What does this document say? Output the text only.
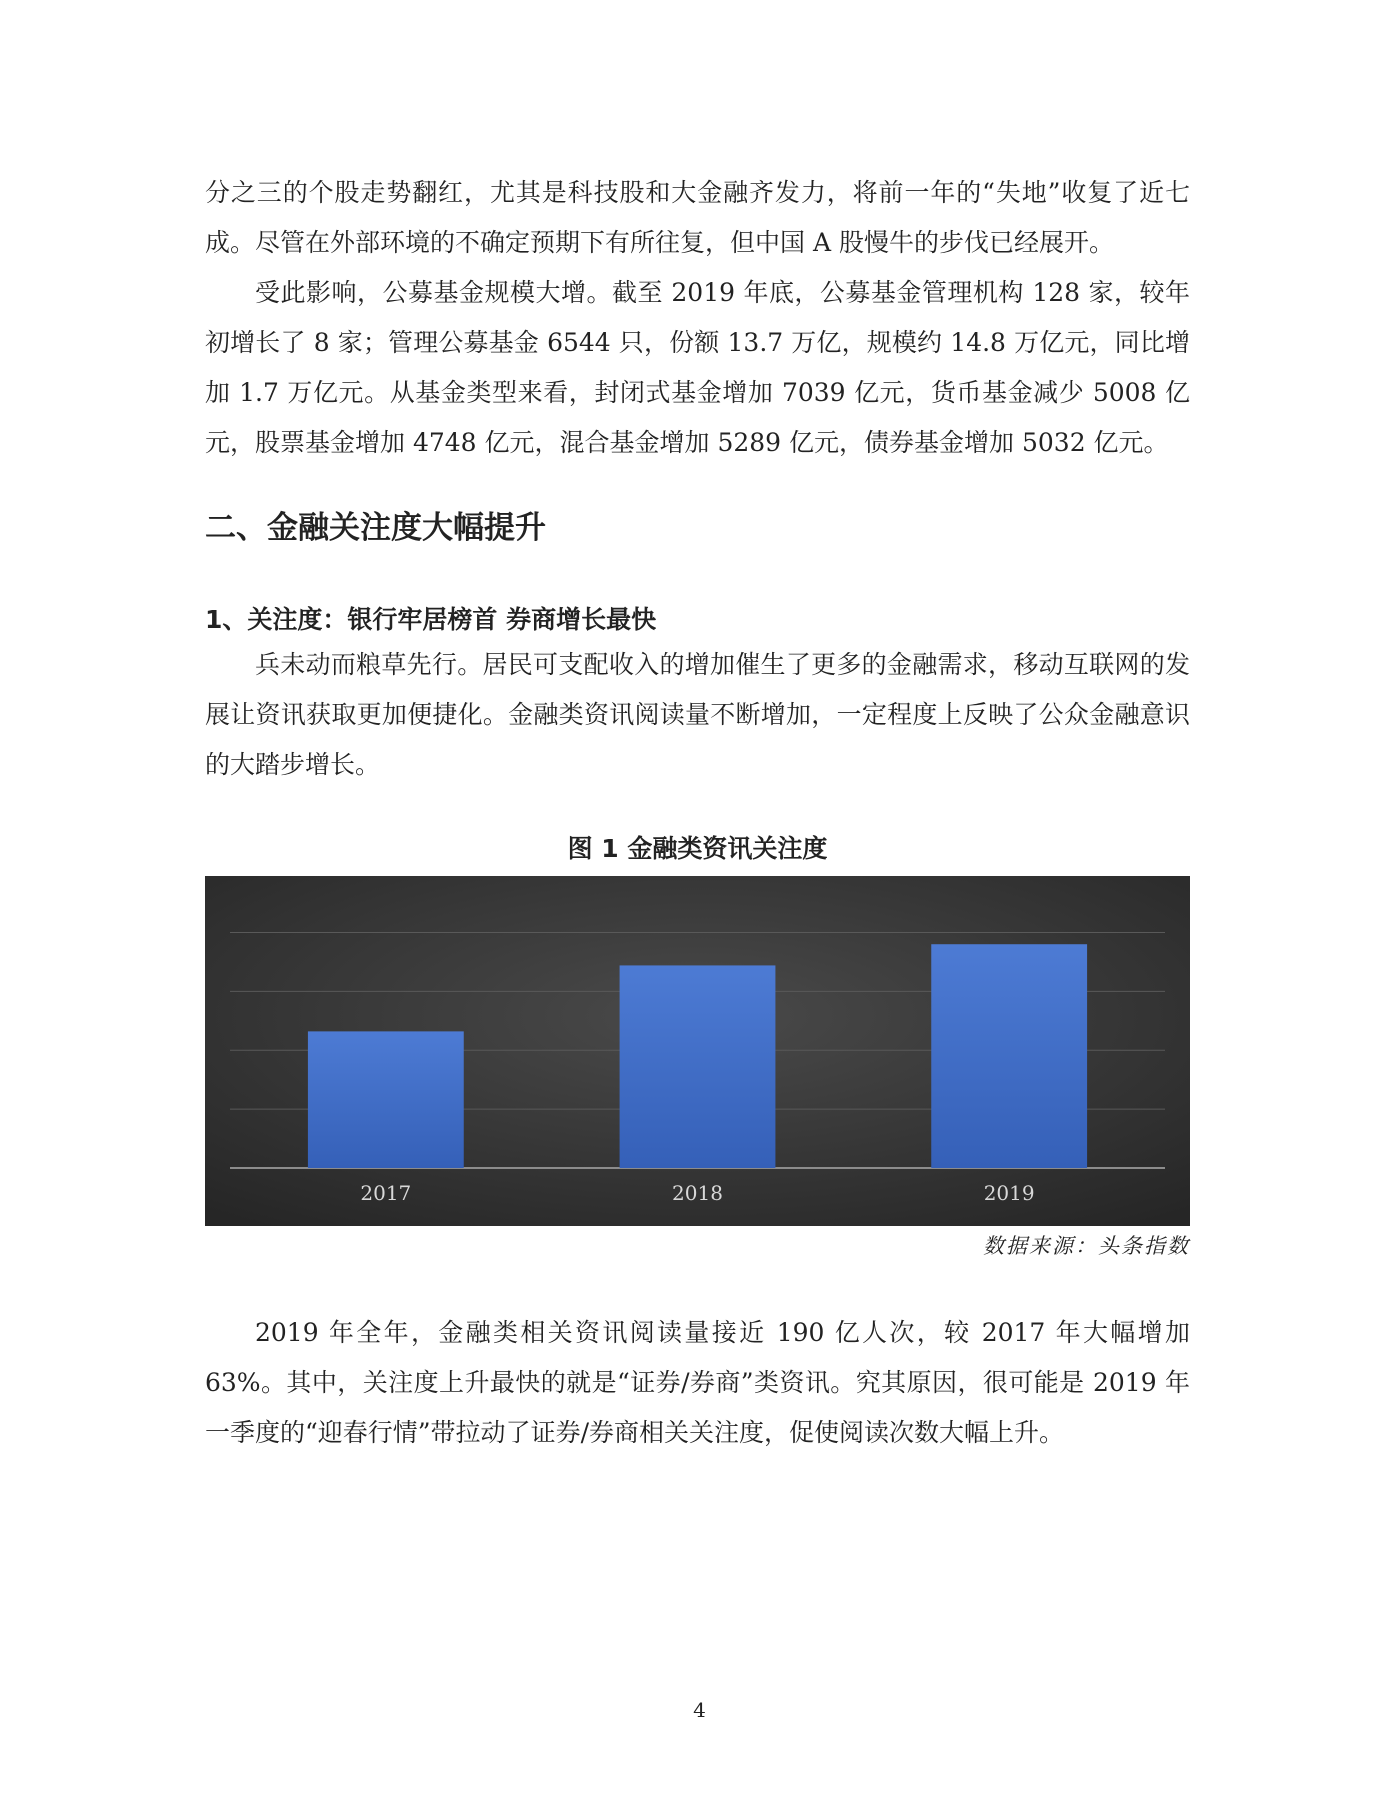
分之三的个股走势翻红，尤其是科技股和大金融齐发力，将前一年的“失地”收复了近七成。尽管在外部环境的不确定预期下有所往复，但中国 A 股慢牛的步伐已经展开。

受此影响，公募基金规模大增。截至 2019 年底，公募基金管理机构 128 家，较年初增长了 8 家；管理公募基金 6544 只，份额 13.7 万亿，规模约 14.8 万亿元，同比增加 1.7 万亿元。从基金类型来看，封闭式基金增加 7039 亿元，货币基金减少 5008 亿元，股票基金增加 4748 亿元，混合基金增加 5289 亿元，债券基金增加 5032 亿元。

二、金融关注度大幅提升

1、关注度：银行牢居榜首 券商增长最快

兵未动而粮草先行。居民可支配收入的增加催生了更多的金融需求，移动互联网的发展让资讯获取更加便捷化。金融类资讯阅读量不断增加，一定程度上反映了公众金融意识的大踏步增长。

图 1 金融类资讯关注度

2017	2018	2019

数据来源：头条指数

2019 年全年，金融类相关资讯阅读量接近 190 亿人次，较 2017 年大幅增加 63%。其中，关注度上升最快的就是“证券/券商”类资讯。究其原因，很可能是 2019 年一季度的“迎春行情”带拉动了证券/券商相关关注度，促使阅读次数大幅上升。

4
